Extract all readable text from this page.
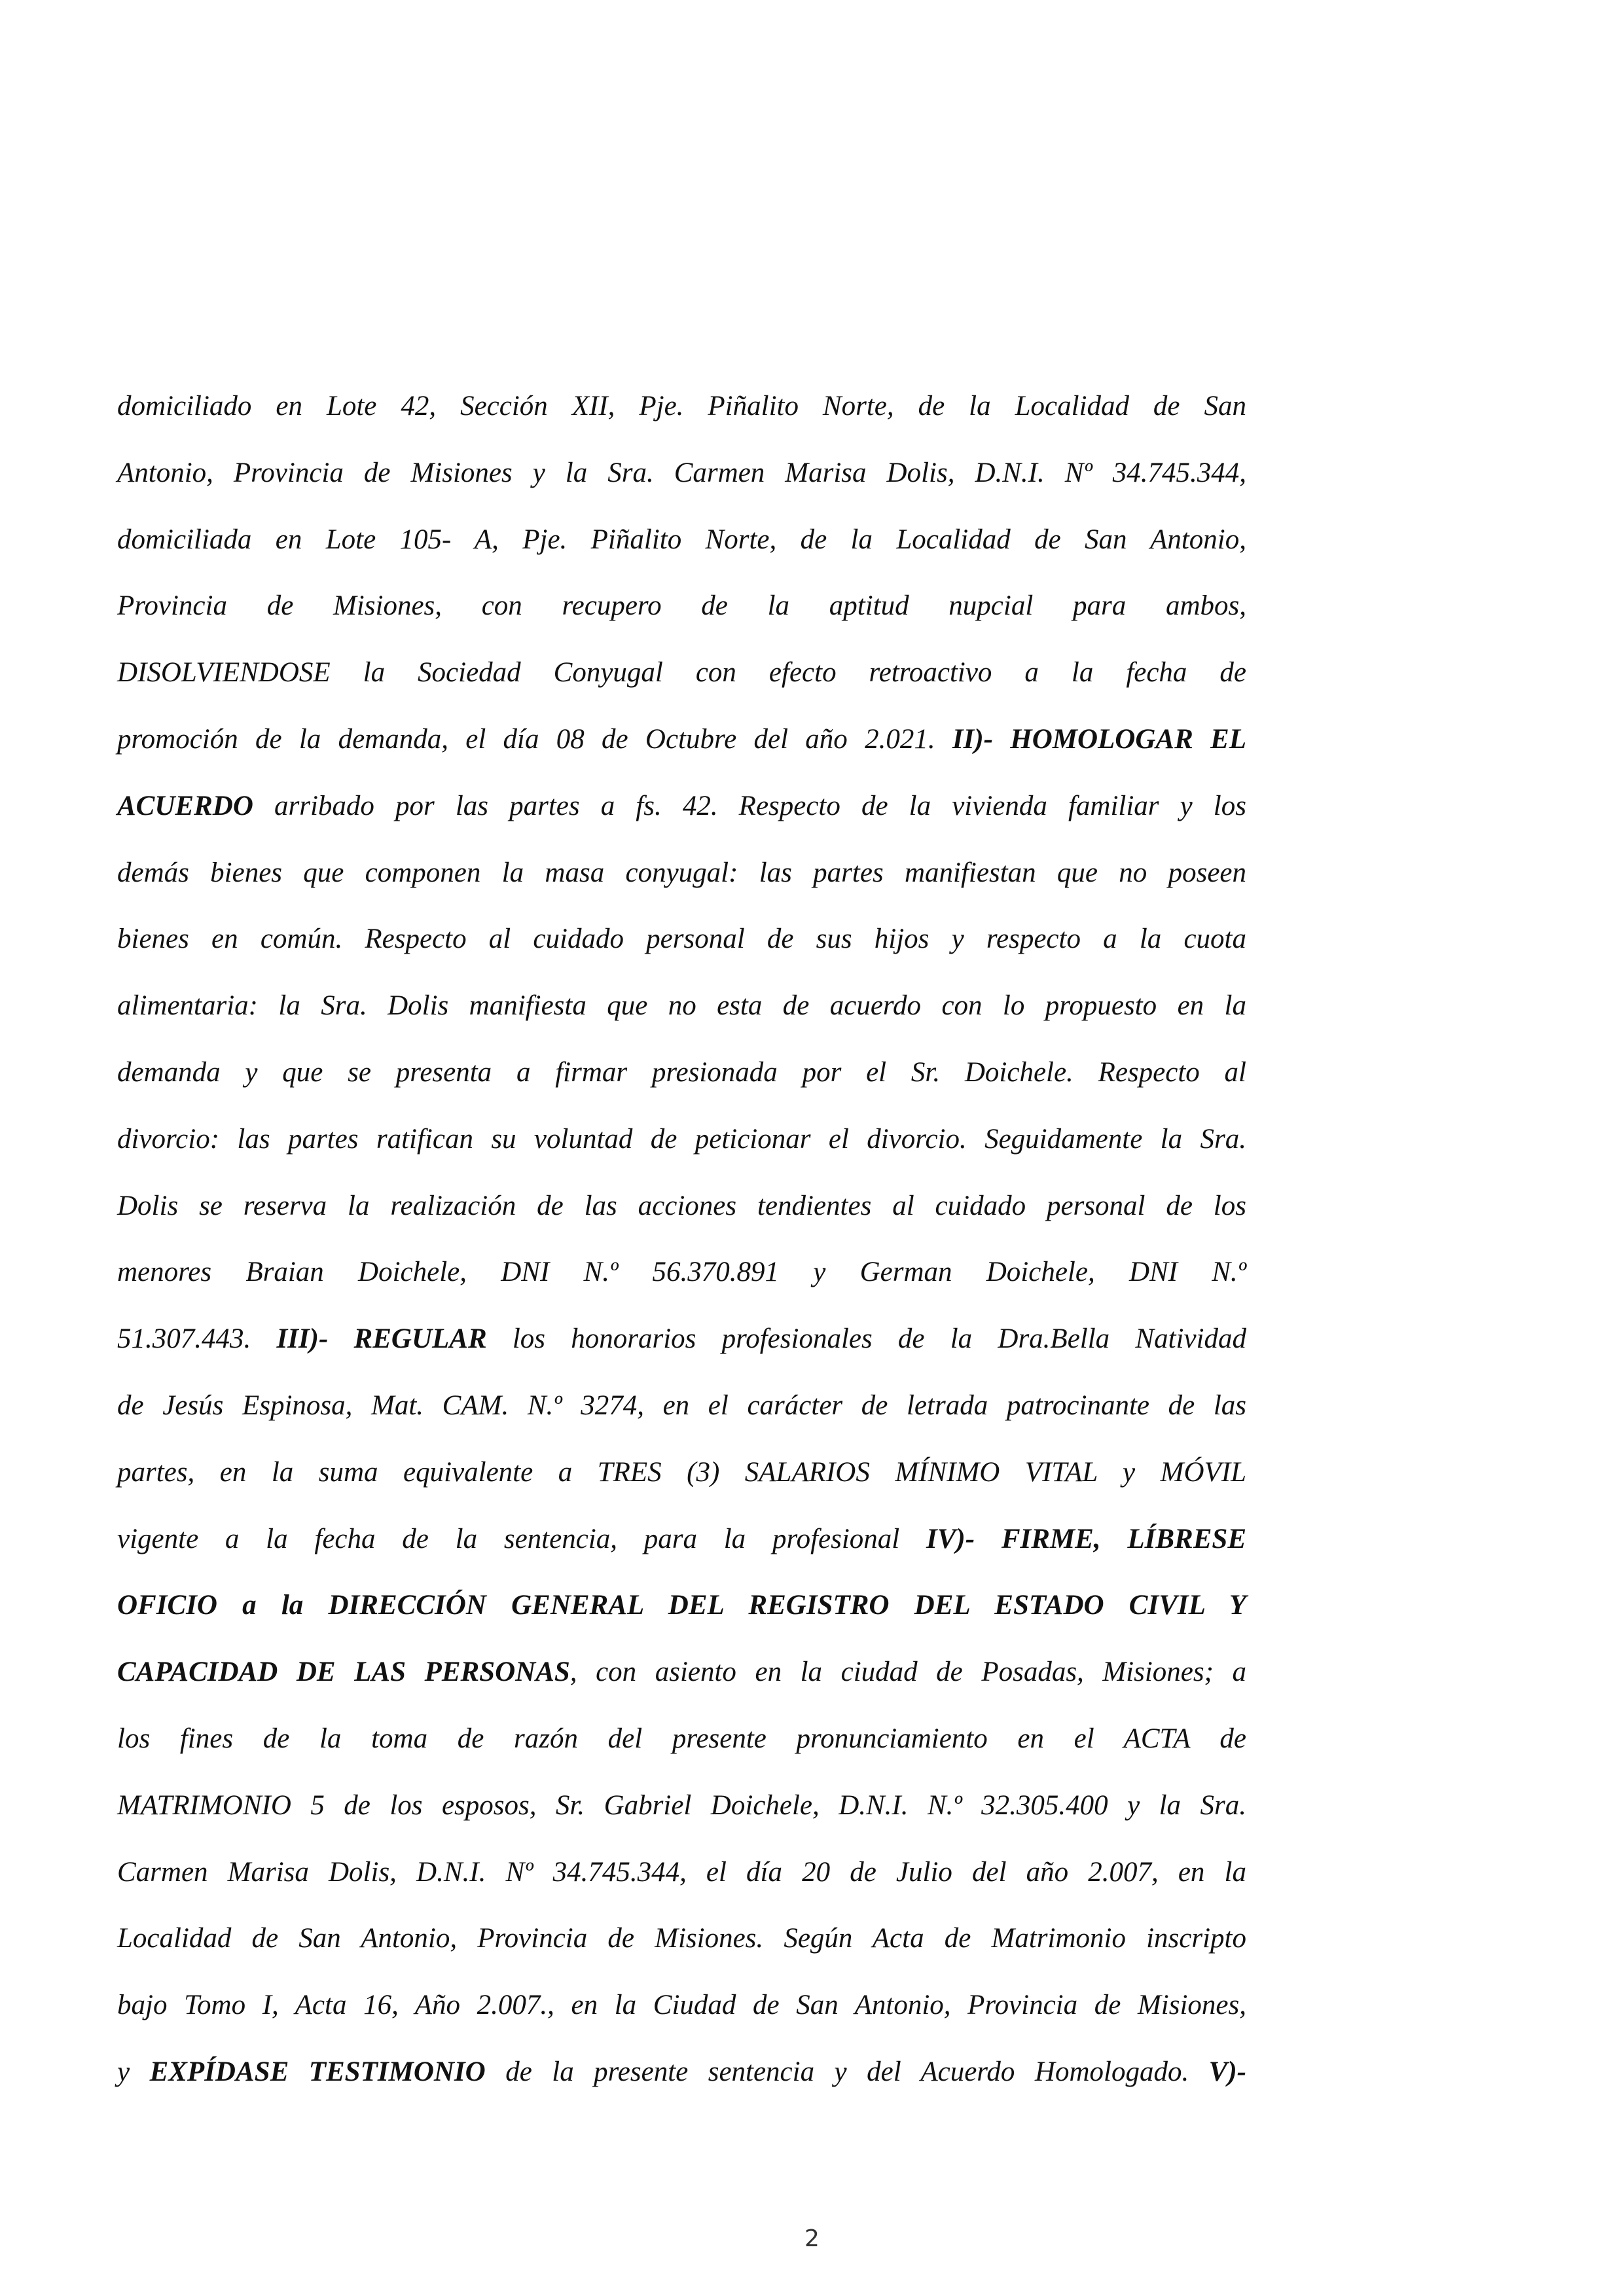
domiciliado en Lote 42, Sección XII, Pje. Piñalito Norte, de la Localidad de San
Antonio, Provincia de Misiones y la Sra. Carmen Marisa Dolis, D.N.I. Nº 34.745.344,
domiciliada en Lote 105- A, Pje. Piñalito Norte, de la Localidad de San Antonio,
Provincia de Misiones, con recupero de la aptitud nupcial para ambos,
DISOLVIENDOSE la Sociedad Conyugal con efecto retroactivo a la fecha de
promoción de la demanda, el día 08 de Octubre del año 2.021. II)- HOMOLOGAR EL
ACUERDO arribado por las partes a fs. 42. Respecto de la vivienda familiar y los
demás bienes que componen la masa conyugal: las partes manifiestan que no poseen
bienes en común. Respecto al cuidado personal de sus hijos y respecto a la cuota
alimentaria: la Sra. Dolis manifiesta que no esta de acuerdo con lo propuesto en la
demanda y que se presenta a firmar presionada por el Sr. Doichele. Respecto al
divorcio: las partes ratifican su voluntad de peticionar el divorcio. Seguidamente la Sra.
Dolis se reserva la realización de las acciones tendientes al cuidado personal de los
menores Braian Doichele, DNI N.º 56.370.891 y German Doichele, DNI N.º
51.307.443. III)- REGULAR los honorarios profesionales de la Dra.Bella Natividad
de Jesús Espinosa, Mat. CAM. N.º 3274, en el carácter de letrada patrocinante de las
partes, en la suma equivalente a TRES (3) SALARIOS MÍNIMO VITAL y MÓVIL
vigente a la fecha de la sentencia, para la profesional IV)- FIRME, LÍBRESE
OFICIO a la DIRECCIÓN GENERAL DEL REGISTRO DEL ESTADO CIVIL Y
CAPACIDAD DE LAS PERSONAS, con asiento en la ciudad de Posadas, Misiones; a
los fines de la toma de razón del presente pronunciamiento en el ACTA de
MATRIMONIO 5 de los esposos, Sr. Gabriel Doichele, D.N.I. N.º 32.305.400 y la Sra.
Carmen Marisa Dolis, D.N.I. Nº 34.745.344, el día 20 de Julio del año 2.007, en la
Localidad de San Antonio, Provincia de Misiones. Según Acta de Matrimonio inscripto
bajo Tomo I, Acta 16, Año 2.007., en la Ciudad de San Antonio, Provincia de Misiones,
y EXPÍDASE TESTIMONIO de la presente sentencia y del Acuerdo Homologado. V)-
2
